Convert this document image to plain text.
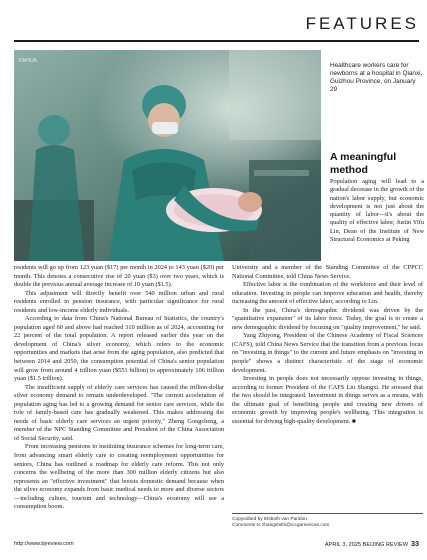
FEATURES
XINHUA
Healthcare workers care for newborns at a hospital in Qianxi, Guizhou Province, on January 29
A meaningful method
Population aging will lead to a gradual decrease in the growth of the nation's labor supply, but economic development is not just about the quantity of labor—it's about the quality of effective labor, Justin Yifu Lin, Dean of the Institute of New Structural Economics at Peking

residents will go up from 123 yuan ($17) per month in 2024 to 143 yuan ($20) per month. This denotes a consecutive rise of 20 yuan ($3) over two years, which is double the previous annual average increase of 10 yuan ($1.5).

This adjustment will directly benefit over 540 million urban and rural residents enrolled in pension insurance, with particular significance for rural residents and low-income elderly individuals.

According to data from China's National Bureau of Statistics, the country's population aged 60 and above had reached 310 million as of 2024, accounting for 22 percent of the total population. A report released earlier this year on the development of China's silver economy, which refers to the economic opportunities and markets that arise from the aging population, also predicted that between 2014 and 2050, the consumption potential of China's senior population will grow from around 4 trillion yuan ($551 billion) to approximately 106 trillion yuan ($1.5 trillion).

The insufficient supply of elderly care services has caused the trillion-dollar silver economy demand to remain underdeveloped. "The current acceleration of population aging has led to a growing demand for senior care services, while the role of family-based care has gradually weakened. This makes addressing the needs of basic elderly care services an urgent priority," Zheng Gongcheng, a member of the NPC Standing Committee and President of the China Association of Social Security, said.

From increasing pensions to instituting insurance schemes for long-term care, from advancing smart elderly care to creating reemployment opportunities for seniors, China has outlined a roadmap for elderly care reform. This not only concerns the wellbeing of the more than 300 million elderly citizens but also represents an "effective investment" that boosts domestic demand because when the silver economy expands from basic medical needs to more and diverse sectors—including culture, tourism and technology—China's economy will see a consumption boom.

University and a member of the Standing Committee of the CPPCC National Committee, told China News Service.

Effective labor is the combination of the workforce and their level of education. Investing in people can improve education and health, thereby increasing the amount of effective labor, according to Lin.

In the past, China's demographic dividend was driven by the "quantitative expansion" of its labor force. Today, the goal is to create a new demographic dividend by focusing on "quality improvement," he said.

Yang Zhiyong, President of the Chinese Academy of Fiscal Sciences (CAFS), told China News Service that the transition from a previous focus on "investing in things" to the current and future emphasis on "investing in people" shows a distinct characteristic of the stage of economic development.

Investing in people does not necessarily oppose investing in things, according to former President of the CAFS Liu Shangxi. He stressed that the two should be integrated. Investment in things serves as a means, with the ultimate goal of benefiting people and creating new drivers of economic growth by improving people's wellbeing. This integration is essential for driving high-quality development. ■

Copyedited by Elsbeth van Paridon
Comments to zhangshithi@cicgamericas.com
http://www.bjreview.com	APRIL 3, 2025 BEIJING REVIEW 33
